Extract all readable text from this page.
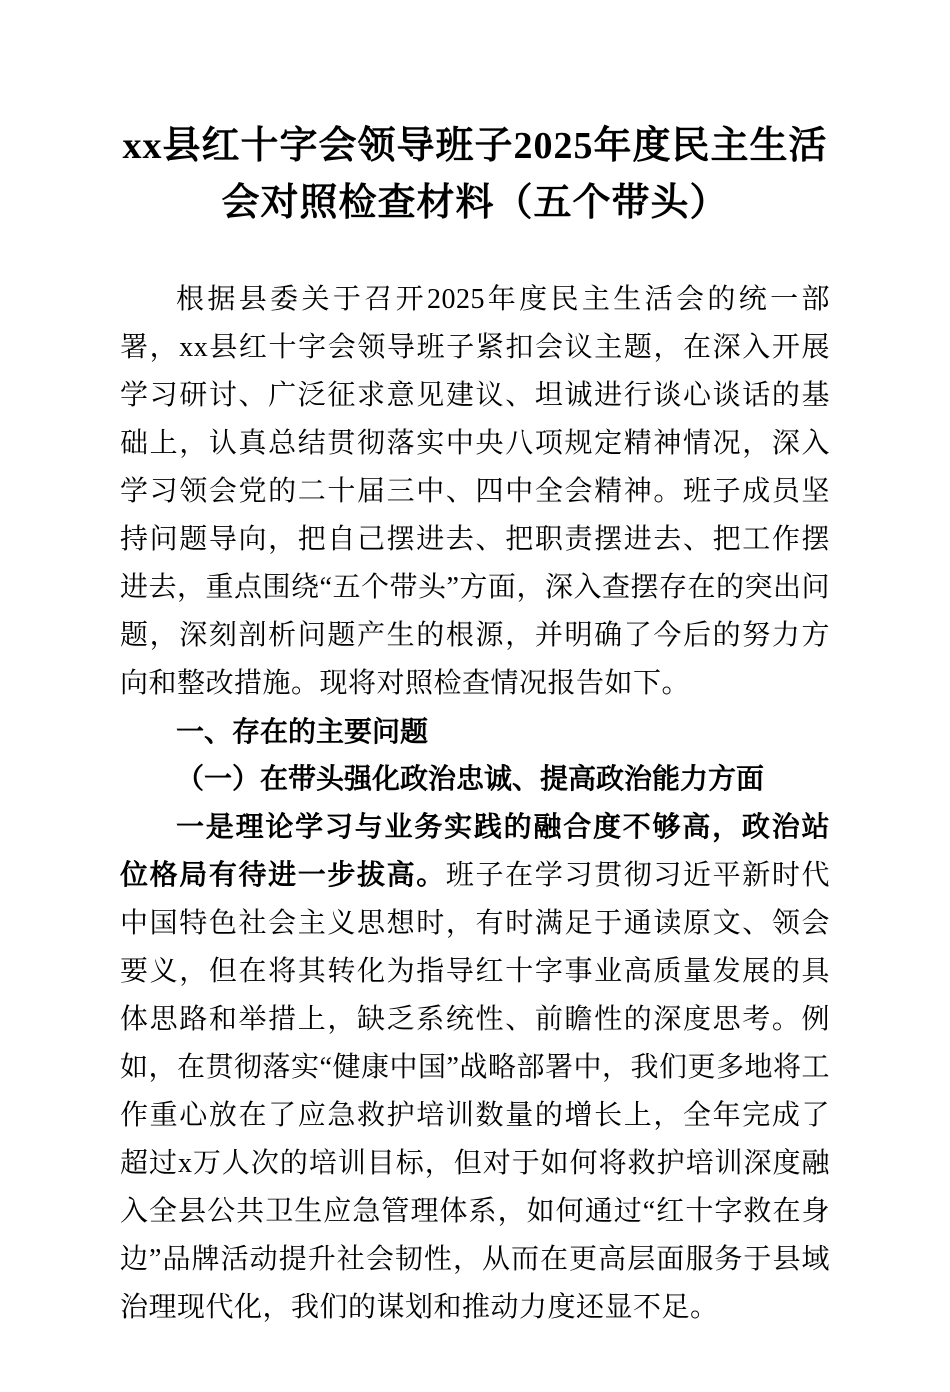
xx县红十字会领导班子2025年度民主生活会对照检查材料（五个带头）

根据县委关于召开2025年度民主生活会的统一部署，xx县红十字会领导班子紧扣会议主题，在深入开展学习研讨、广泛征求意见建议、坦诚进行谈心谈话的基础上，认真总结贯彻落实中央八项规定精神情况，深入学习领会党的二十届三中、四中全会精神。班子成员坚持问题导向，把自己摆进去、把职责摆进去、把工作摆进去，重点围绕“五个带头”方面，深入查摆存在的突出问题，深刻剖析问题产生的根源，并明确了今后的努力方向和整改措施。现将对照检查情况报告如下。

一、存在的主要问题
（一）在带头强化政治忠诚、提高政治能力方面

一是理论学习与业务实践的融合度不够高，政治站位格局有待进一步拔高。班子在学习贯彻习近平新时代中国特色社会主义思想时，有时满足于通读原文、领会要义，但在将其转化为指导红十字事业高质量发展的具体思路和举措上，缺乏系统性、前瞻性的深度思考。例如，在贯彻落实“健康中国”战略部署中，我们更多地将工作重心放在了应急救护培训数量的增长上，全年完成了超过x万人次的培训目标，但对于如何将救护培训深度融入全县公共卫生应急管理体系，如何通过“红十字救在身边”品牌活动提升社会韧性，从而在更高层面服务于县域治理现代化，我们的谋划和推动力度还显不足。
